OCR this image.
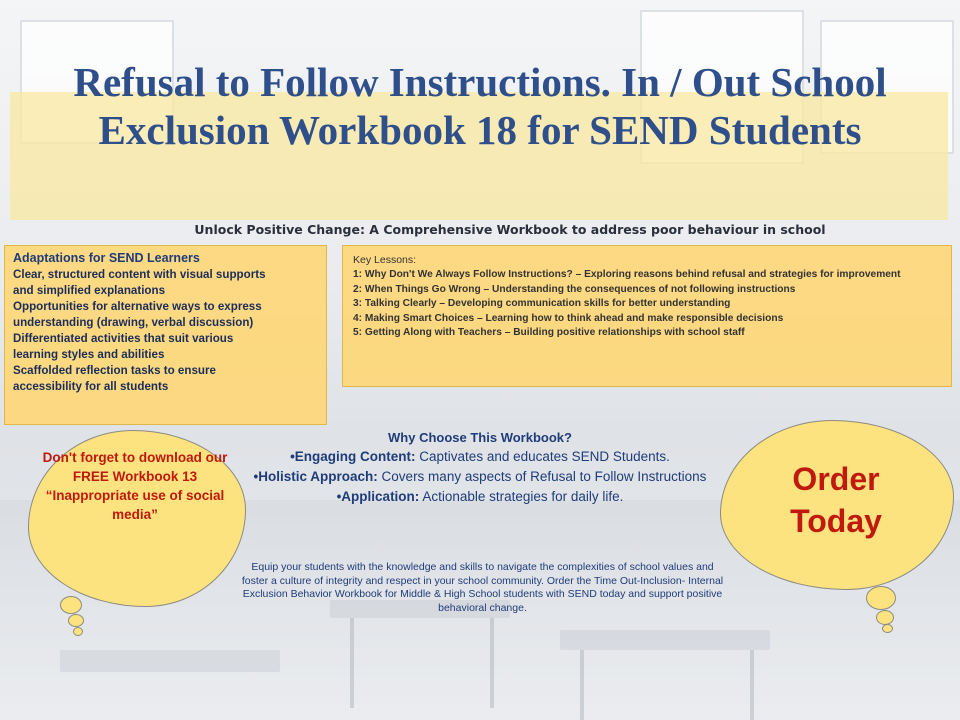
Refusal to Follow Instructions. In / Out School Exclusion Workbook 18 for SEND Students
Unlock Positive Change: A Comprehensive Workbook to address poor behaviour in school

Adaptations for SEND Learners

Clear, structured content with visual supports

and simplified explanations

Opportunities for alternative ways to express

understanding (drawing, verbal discussion)

Differentiated activities that suit various

learning styles and abilities

Scaffolded reflection tasks to ensure

accessibility for all students

Key Lessons:

1: Why Don't We Always Follow Instructions? – Exploring reasons behind refusal and strategies for improvement

2: When Things Go Wrong – Understanding the consequences of not following instructions

3: Talking Clearly – Developing communication skills for better understanding

4: Making Smart Choices – Learning how to think ahead and make responsible decisions

5: Getting Along with Teachers – Building positive relationships with school staff

Why Choose This Workbook?

•Engaging Content: Captivates and educates SEND Students.

•Holistic Approach: Covers many aspects of Refusal to Follow Instructions

•Application: Actionable strategies for daily life.

Equip your students with the knowledge and skills to navigate the complexities of school values and foster a culture of integrity and respect in your school community. Order the Time Out-Inclusion- Internal Exclusion Behavior Workbook for Middle & High School students with SEND today and support positive behavioral change.
Don't forget to download our FREE Workbook 13 “Inappropriate use of social media”
Order
Today
